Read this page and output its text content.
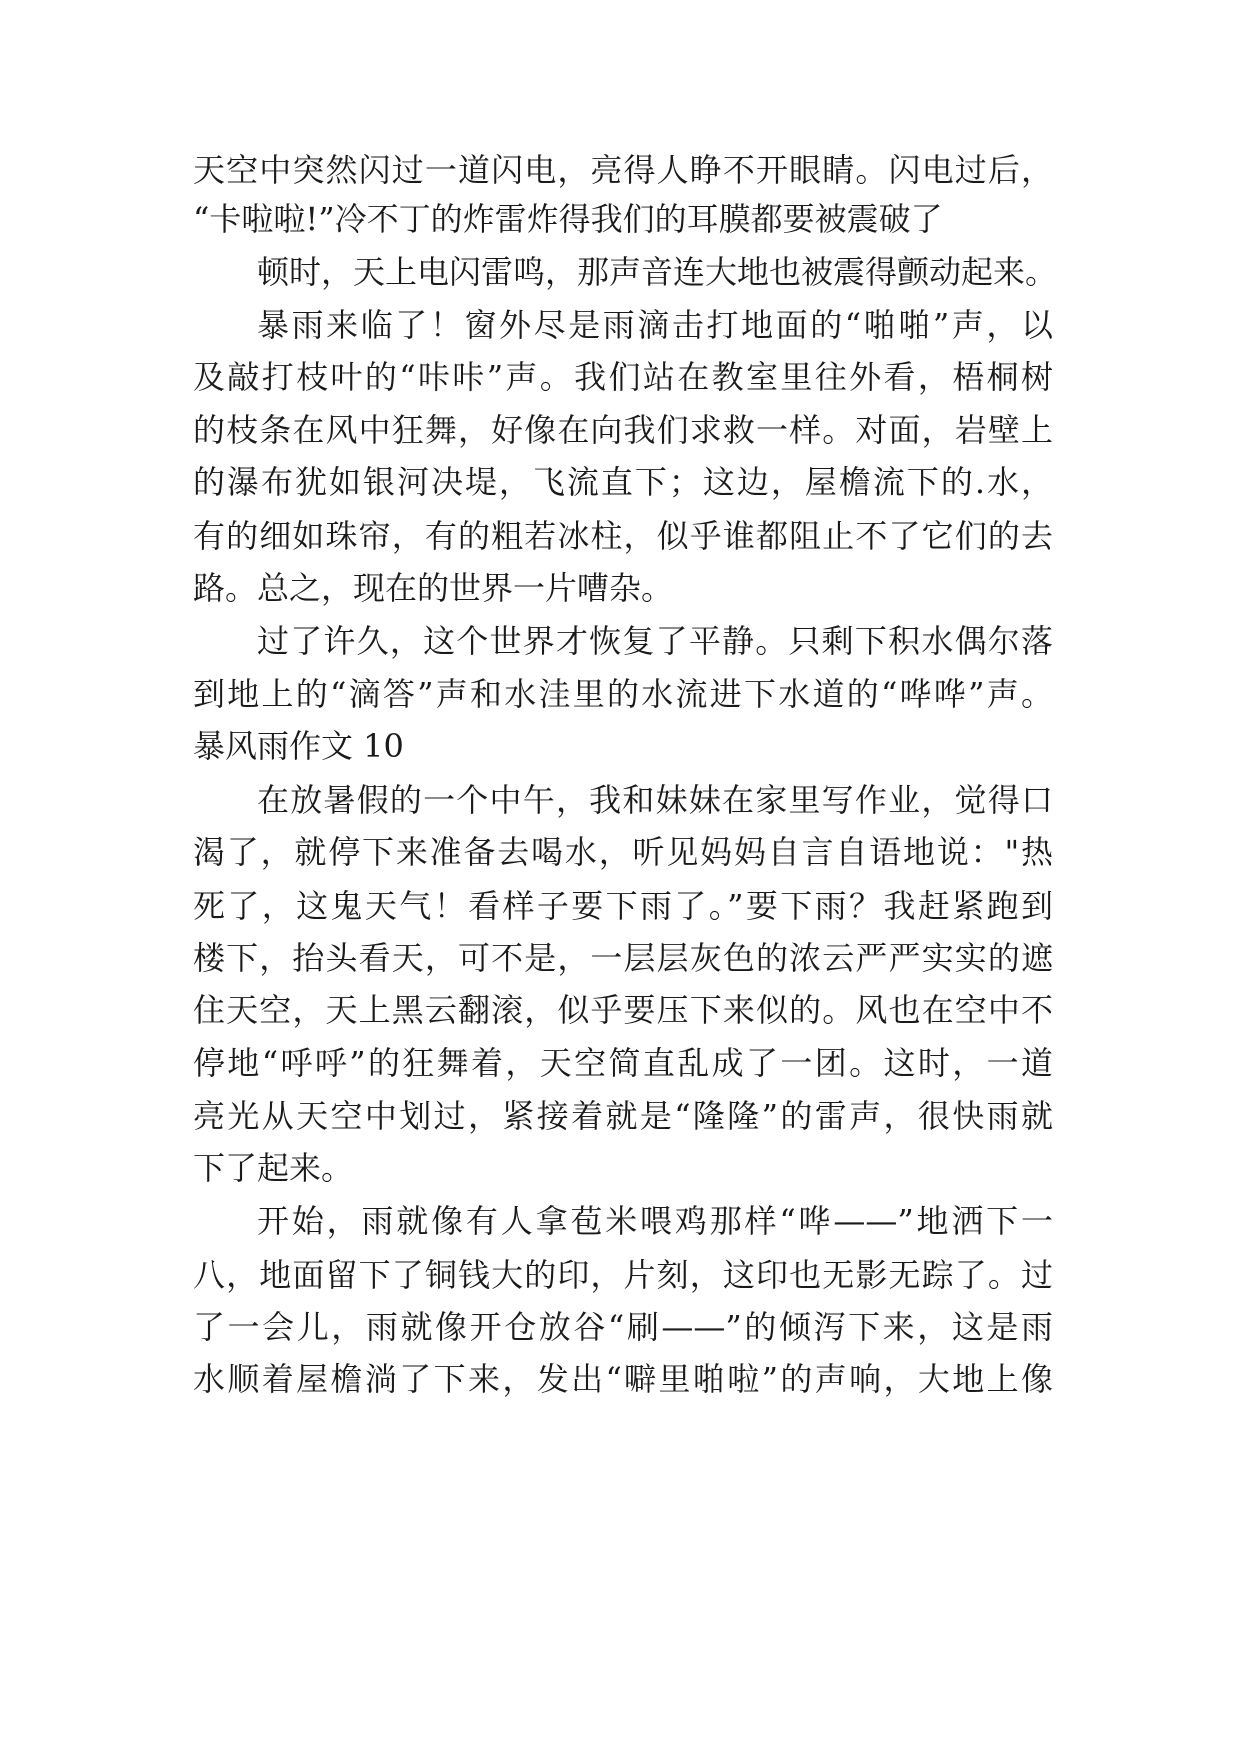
天空中突然闪过一道闪电，亮得人睁不开眼睛。闪电过后，
“卡啦啦!”冷不丁的炸雷炸得我们的耳膜都要被震破了
顿时，天上电闪雷鸣，那声音连大地也被震得颤动起来。
暴雨来临了！窗外尽是雨滴击打地面的“啪啪”声，以
及敲打枝叶的“咔咔”声。我们站在教室里往外看，梧桐树
的枝条在风中狂舞，好像在向我们求救一样。对面，岩壁上
的瀑布犹如银河决堤，飞流直下；这边，屋檐流下的.水，
有的细如珠帘，有的粗若冰柱，似乎谁都阻止不了它们的去
路。总之，现在的世界一片嘈杂。
过了许久，这个世界才恢复了平静。只剩下积水偶尔落
到地上的“滴答”声和水洼里的水流进下水道的“哗哗”声。
暴风雨作文 10
在放暑假的一个中午，我和妹妹在家里写作业，觉得口
渴了，就停下来准备去喝水，听见妈妈自言自语地说："热
死了，这鬼天气！看样子要下雨了。”要下雨？我赶紧跑到
楼下，抬头看天，可不是，一层层灰色的浓云严严实实的遮
住天空，天上黑云翻滚，似乎要压下来似的。风也在空中不
停地“呼呼”的狂舞着，天空简直乱成了一团。这时，一道
亮光从天空中划过，紧接着就是“隆隆”的雷声，很快雨就
下了起来。
开始，雨就像有人拿苞米喂鸡那样“哗——”地洒下一
八，地面留下了铜钱大的印，片刻，这印也无影无踪了。过
了一会儿，雨就像开仓放谷“刷——”的倾泻下来，这是雨
水顺着屋檐淌了下来，发出“噼里啪啦”的声响，大地上像
